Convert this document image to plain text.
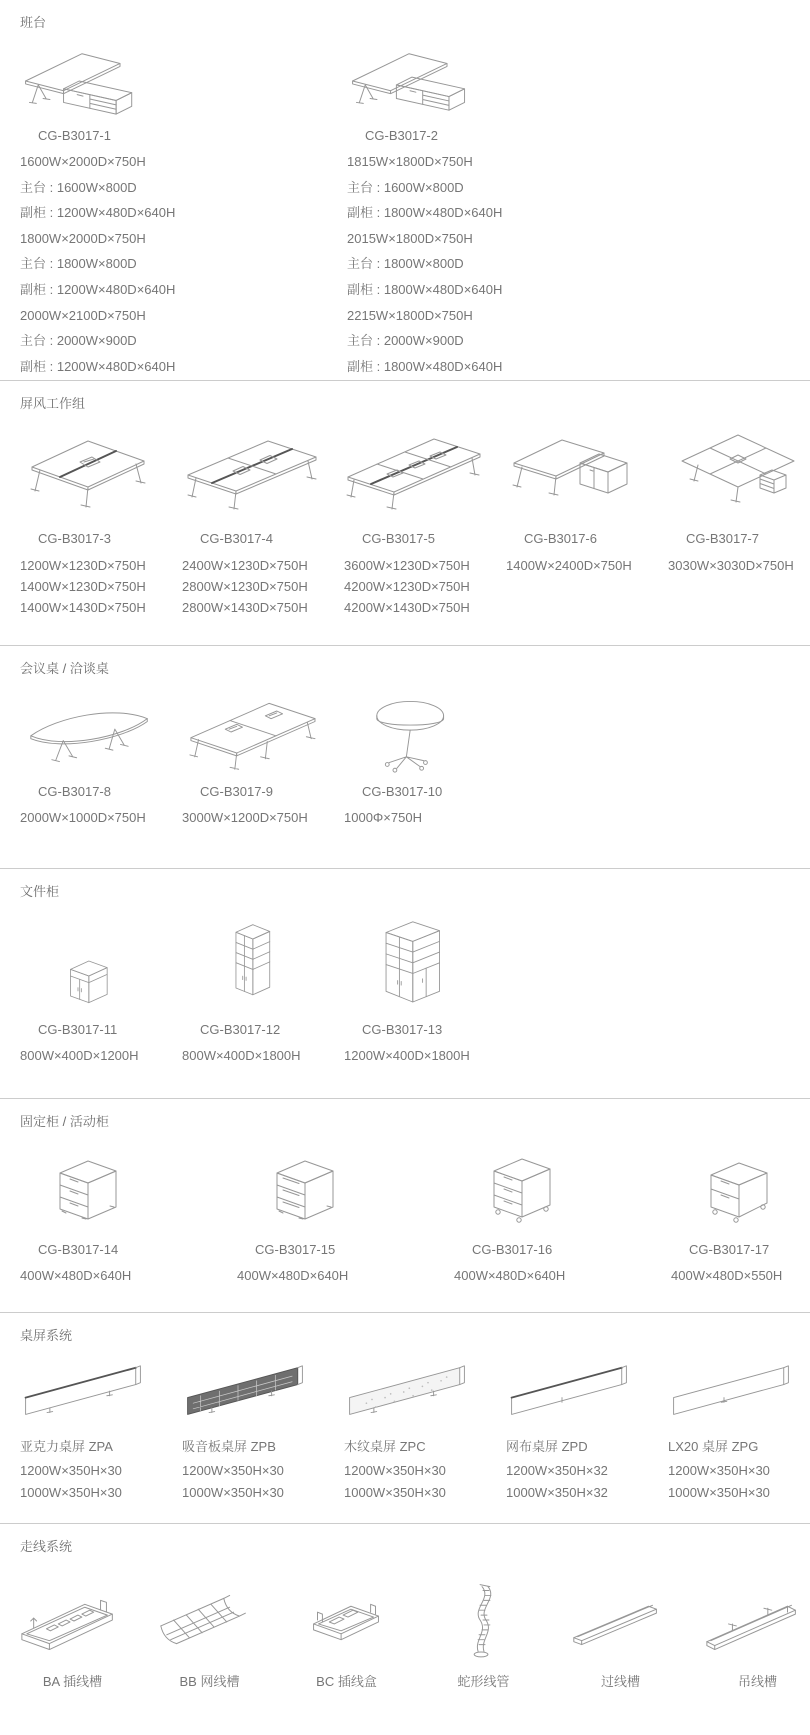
班台
CG-B3017-1
1600W×2000D×750H
主台 : 1600W×800D
副柜 : 1200W×480D×640H
1800W×2000D×750H
主台 : 1800W×800D
副柜 : 1200W×480D×640H
2000W×2100D×750H
主台 : 2000W×900D
副柜 : 1200W×480D×640H
CG-B3017-2
1815W×1800D×750H
主台 : 1600W×800D
副柜 : 1800W×480D×640H
2015W×1800D×750H
主台 : 1800W×800D
副柜 : 1800W×480D×640H
2215W×1800D×750H
主台 : 2000W×900D
副柜 : 1800W×480D×640H
屏风工作组
CG-B3017-3
1200W×1230D×750H
1400W×1230D×750H
1400W×1430D×750H
CG-B3017-4
2400W×1230D×750H
2800W×1230D×750H
2800W×1430D×750H
CG-B3017-5
3600W×1230D×750H
4200W×1230D×750H
4200W×1430D×750H
CG-B3017-6
1400W×2400D×750H
CG-B3017-7
3030W×3030D×750H
会议桌 / 洽谈桌
CG-B3017-8
2000W×1000D×750H
CG-B3017-9
3000W×1200D×750H
CG-B3017-10
1000Φ×750H
文件柜
CG-B3017-11
800W×400D×1200H
CG-B3017-12
800W×400D×1800H
CG-B3017-13
1200W×400D×1800H
固定柜 / 活动柜
CG-B3017-14
400W×480D×640H
CG-B3017-15
400W×480D×640H
CG-B3017-16
400W×480D×640H
CG-B3017-17
400W×480D×550H
桌屏系统
亚克力桌屏 ZPA
1200W×350H×30
1000W×350H×30
吸音板桌屏 ZPB
1200W×350H×30
1000W×350H×30
木纹桌屏 ZPC
1200W×350H×30
1000W×350H×30
网布桌屏 ZPD
1200W×350H×32
1000W×350H×32
LX20 桌屏 ZPG
1200W×350H×30
1000W×350H×30
走线系统
BA 插线槽	BB 网线槽	BC 插线盒	蛇形线管	过线槽	吊线槽
